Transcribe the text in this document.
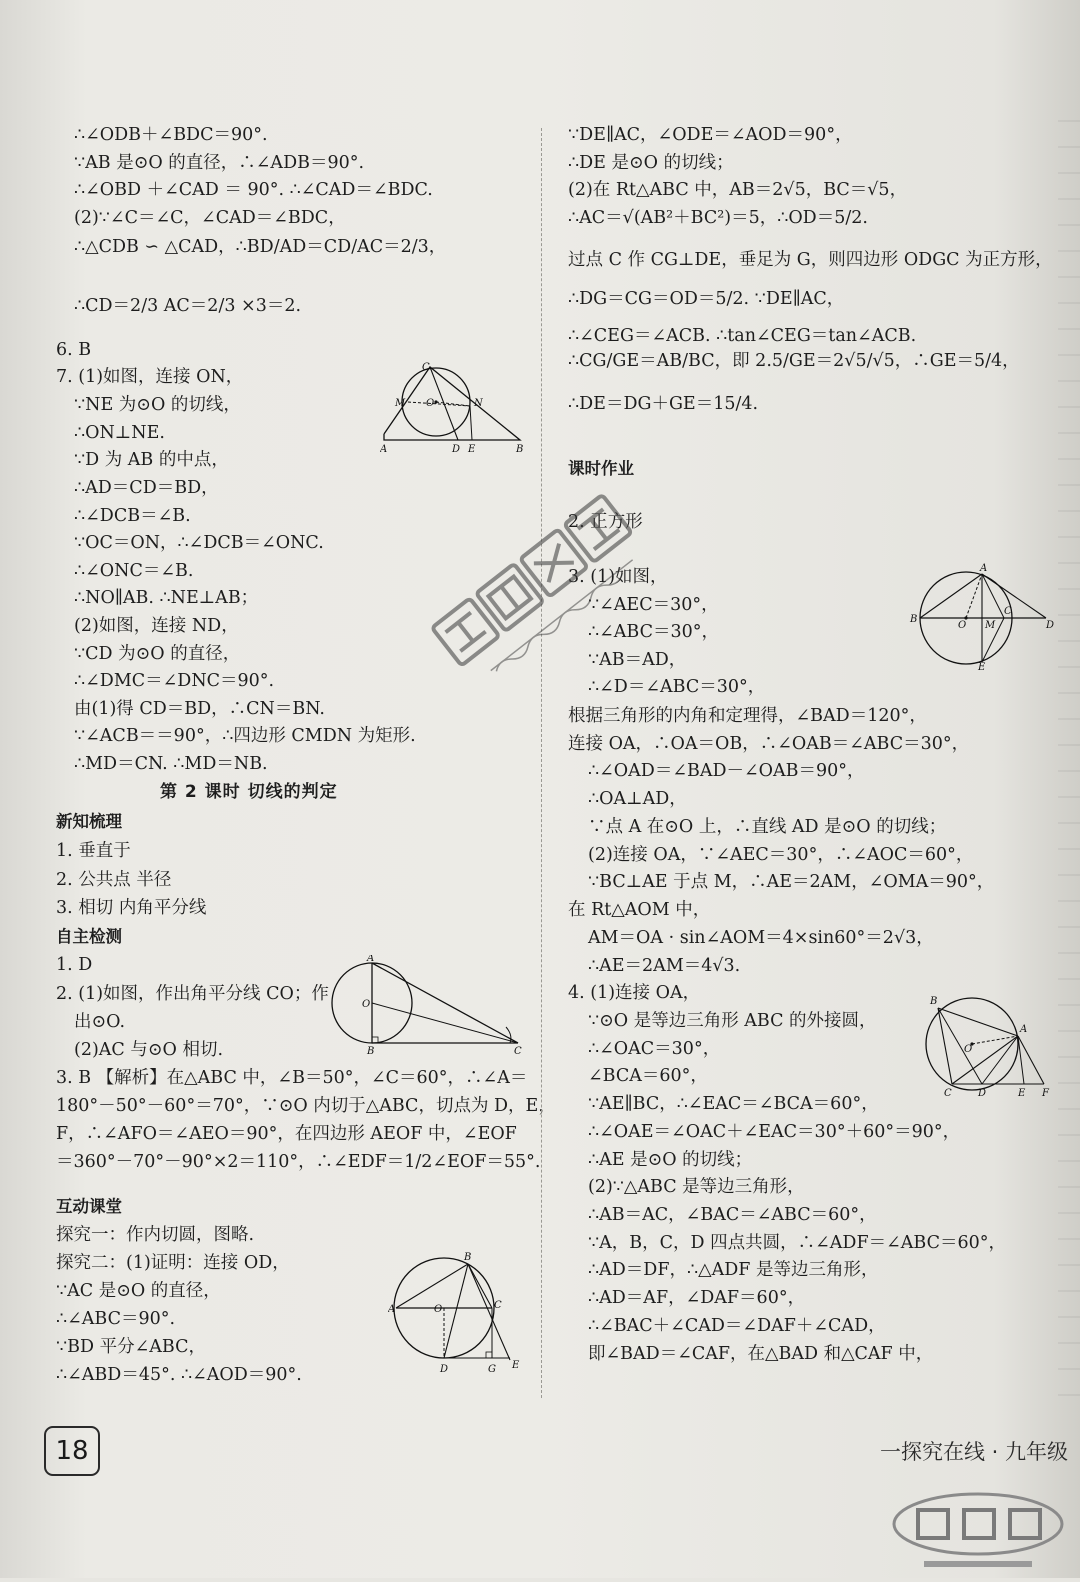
∴∠ODB＋∠BDC＝90°.
∵AB 是⊙O 的直径，∴∠ADB＝90°.
∴∠OBD ＋∠CAD ＝ 90°. ∴∠CAD＝∠BDC.
(2)∵∠C＝∠C，∠CAD＝∠BDC，
∴△CDB ∽ △CAD，∴BD/AD＝CD/AC＝2/3，
∴CD＝2/3 AC＝2/3 ×3＝2.
6. B
7. (1)如图，连接 ON，
∵NE 为⊙O 的切线，
∴ON⊥NE.
∵D 为 AB 的中点，
∴AD＝CD＝BD，
∴∠DCB＝∠B.
∵OC＝ON，∴∠DCB＝∠ONC.
∴∠ONC＝∠B.
∴NO∥AB. ∴NE⊥AB；
(2)如图，连接 ND，
∵CD 为⊙O 的直径，
∴∠DMC＝∠DNC＝90°.
由(1)得 CD＝BD，∴CN＝BN.
∵∠ACB＝＝90°，∴四边形 CMDN 为矩形.
∴MD＝CN. ∴MD＝NB.
第 2 课时 切线的判定
新知梳理
1. 垂直于
2. 公共点 半径
3. 相切 内角平分线
自主检测
1. D
2. (1)如图，作出角平分线 CO；作
出⊙O.
(2)AC 与⊙O 相切.
3. B 【解析】在△ABC 中，∠B＝50°，∠C＝60°，∴∠A＝
180°－50°－60°＝70°，∵⊙O 内切于△ABC，切点为 D，E，
F，∴∠AFO＝∠AEO＝90°，在四边形 AEOF 中，∠EOF
＝360°－70°－90°×2＝110°，∴∠EDF＝1/2∠EOF＝55°.
互动课堂
探究一：作内切圆，图略.
探究二：(1)证明：连接 OD，
∵AC 是⊙O 的直径，
∴∠ABC＝90°.
∵BD 平分∠ABC，
∴∠ABD＝45°. ∴∠AOD＝90°.
∵DE∥AC，∠ODE＝∠AOD＝90°，
∴DE 是⊙O 的切线；
(2)在 Rt△ABC 中，AB＝2√5，BC＝√5，
∴AC＝√(AB²＋BC²)＝5，∴OD＝5/2.
过点 C 作 CG⊥DE，垂足为 G，则四边形 ODGC 为正方形，
∴DG＝CG＝OD＝5/2. ∵DE∥AC，
∴∠CEG＝∠ACB. ∴tan∠CEG＝tan∠ACB.
∴CG/GE＝AB/BC，即 2.5/GE＝2√5/√5，∴GE＝5/4，
∴DE＝DG＋GE＝15/4.
课时作业
2. 正方形
3. (1)如图，
∵∠AEC＝30°，
∴∠ABC＝30°，
∵AB＝AD，
∴∠D＝∠ABC＝30°，
根据三角形的内角和定理得，∠BAD＝120°，
连接 OA，∴OA＝OB，∴∠OAB＝∠ABC＝30°，
∴∠OAD＝∠BAD－∠OAB＝90°，
∴OA⊥AD，
∵点 A 在⊙O 上，∴直线 AD 是⊙O 的切线；
(2)连接 OA，∵∠AEC＝30°，∴∠AOC＝60°，
∵BC⊥AE 于点 M，∴AE＝2AM，∠OMA＝90°，
在 Rt△AOM 中，
AM＝OA · sin∠AOM＝4×sin60°＝2√3，
∴AE＝2AM＝4√3.
4. (1)连接 OA，
∵⊙O 是等边三角形 ABC 的外接圆，
∴∠OAC＝30°，
∠BCA＝60°，
∵AE∥BC，∴∠EAC＝∠BCA＝60°，
∴∠OAE＝∠OAC＋∠EAC＝30°＋60°＝90°，
∴AE 是⊙O 的切线；
(2)∵△ABC 是等边三角形，
∴AB＝AC，∠BAC＝∠ABC＝60°，
∵A，B，C，D 四点共圆，∴∠ADF＝∠ABC＝60°，
∴AD＝DF，∴△ADF 是等边三角形，
∴AD＝AF，∠DAF＝60°，
∴∠BAC＋∠CAD＝∠DAF＋∠CAD，
即∠BAD＝∠CAF，在△BAD 和△CAF 中，
C
M O	N
A	D E	B
A
O
B	C
A
B
C
O
D	G E
B
A
O M
C
D
E
B
A
O
C	D	E F
18	一探究在线 · 九年级
